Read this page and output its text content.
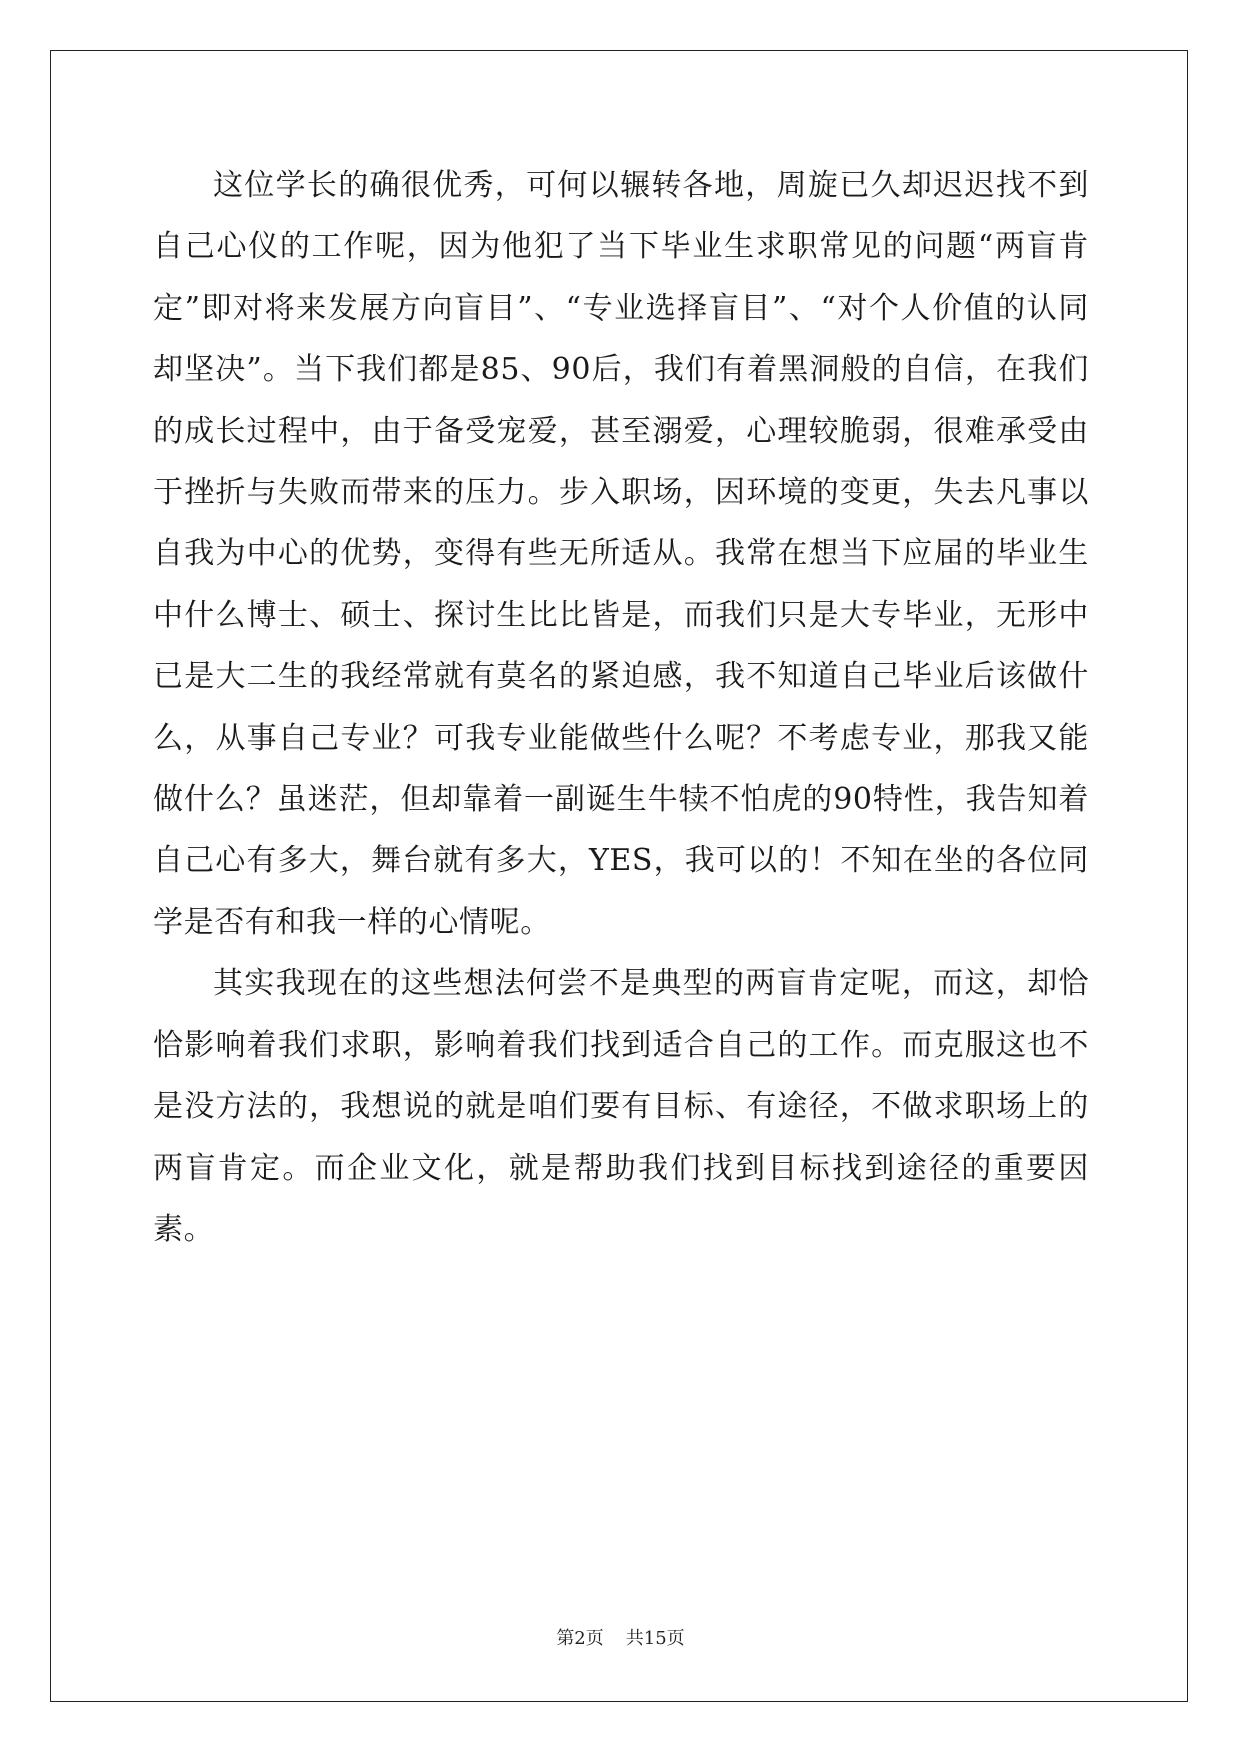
这位学长的确很优秀，可何以辗转各地，周旋已久却迟迟找不到自己心仪的工作呢，因为他犯了当下毕业生求职常见的问题“两盲肯定”即对将来发展方向盲目”、“专业选择盲目”、“对个人价值的认同却坚决”。当下我们都是85、90后，我们有着黑洞般的自信，在我们的成长过程中，由于备受宠爱，甚至溺爱，心理较脆弱，很难承受由于挫折与失败而带来的压力。步入职场，因环境的变更，失去凡事以自我为中心的优势，变得有些无所适从。我常在想当下应届的毕业生中什么博士、硕士、探讨生比比皆是，而我们只是大专毕业，无形中已是大二生的我经常就有莫名的紧迫感，我不知道自己毕业后该做什么，从事自己专业？可我专业能做些什么呢？不考虑专业，那我又能做什么？虽迷茫，但却靠着一副诞生牛犊不怕虎的90特性，我告知着自己心有多大，舞台就有多大，YES，我可以的！不知在坐的各位同学是否有和我一样的心情呢。

其实我现在的这些想法何尝不是典型的两盲肯定呢，而这，却恰恰影响着我们求职，影响着我们找到适合自己的工作。而克服这也不是没方法的，我想说的就是咱们要有目标、有途径，不做求职场上的两盲肯定。而企业文化，就是帮助我们找到目标找到途径的重要因素。

第2页 共15页
